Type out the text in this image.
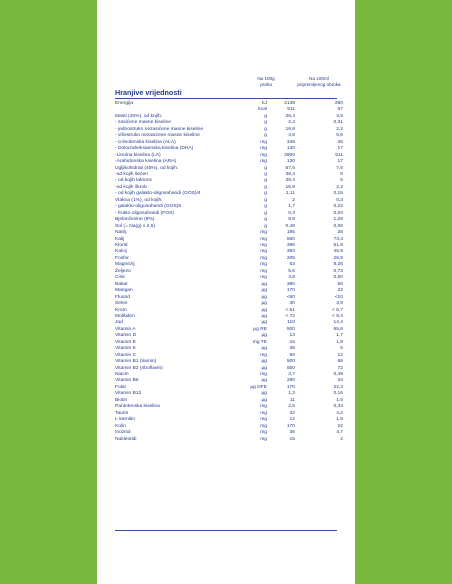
Na 100g
praha
Na 100ml
pripremljenog obroka
Hranjive vrijednosti
Energija	kJ	2138	280
kcal	511	67
Masti (45%), od kojih:	g	26,4	3,5
- zasićene masne kiseline	g	2,4	0,31
- jednostruko nezasićene masne kiseline	g	16,9	2,2
- višestruko nezasićene masne kiseline	g	4,8	0,6
- α-linolenska kiselina (ALA)	mg	345	45
- Dokozaheksaenska kiselina (DHA)	mg	130	17
-Linolna kiselina (LA)	mg	3900	511
-Arahidonska kiselina (ARA)	mg	130	17
Ugljikohidrati (45%), od kojih:	g	57,6	7,6
-od kojih šećeri	g	38,4	5
- od kojih laktoza	g	38,4	5
-od kojih škrob	g	16,9	2,2
- od kojih galakto-oligosaharidi (GOS)/4	g	1,11	0,15
Vlakna (1%), od kojih:	g	2	0,3
- galakto-oligosaharidi (GOS)5	g	1,7	0,22
- frukto-oligosaharidi (FOS)	g	0,3	0,04
Bjelančevine (8%)	g	9,8	1,28
Sol (= Na(g) x 2,5)	g	0,49	0,06
Natrij	mg	195	26
Kalij	mg	560	73,4
Klorid	mg	395	51,8
Kalcij	mg	350	45,9
Fosfor	mg	205	26,9
Magnezij	mg	63	8,26
Željezo	mg	5,6	0,73
Cink	mg	3,8	0,50
Bakar	µg	380	50
Mangan	µg	170	22
Fluorid	µg	<60	<10
Selen	µg	30	3,9
Krom	µg	< 51	< 6,7
Molibden	µg	< 72	< 9,4
Jod	µg	110	14,4
Vitamin A	µg RE	500	65,6
Vitamin D	µg	13	1,7
Vitamin E	mg TE	15	1,9
Vitamin K	µg	38	5
Vitamin C	mg	90	12
Vitamin B1 (tiamin)	µg	500	66
Vitamin B2 (riboflavin)	µg	550	72
Niacin	mg	3,7	0,49
Vitamin B6	µg	260	34
Folat	µg DFE	170	22,3
Vitamin B12	µg	1,3	0,16
Biotin	µg	11	1,5
Pantotenska kiselina	mg	2,5	0,33
Taurin	mg	32	4,2
L-karnitin	mg	12	1,6
Kolin	mg	170	22
Inozitol	mg	36	4,7
Nukleotidi	mg	15	2
